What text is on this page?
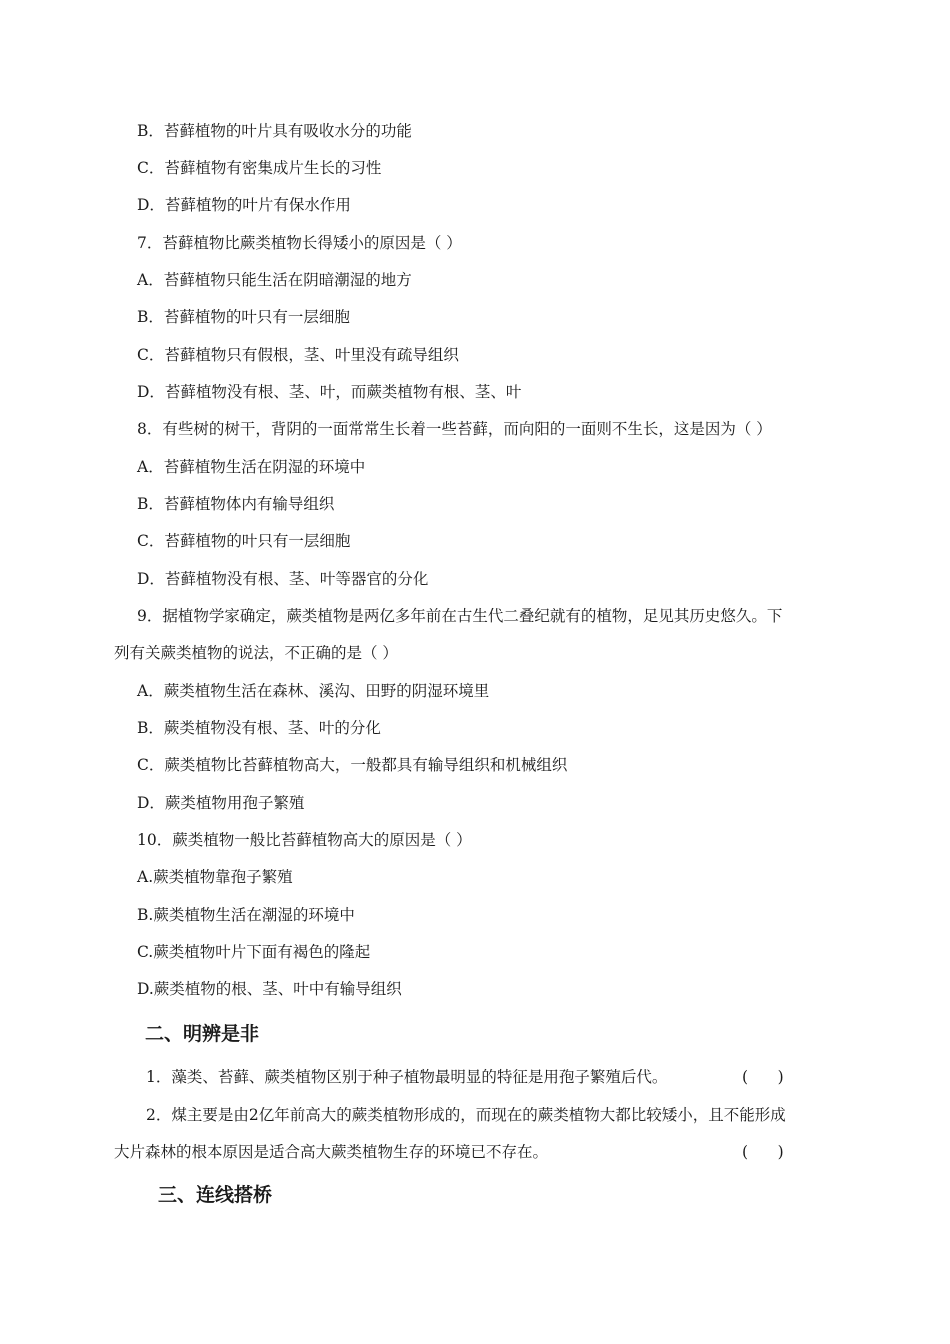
B．苔藓植物的叶片具有吸收水分的功能
C．苔藓植物有密集成片生长的习性
D．苔藓植物的叶片有保水作用
7．苔藓植物比蕨类植物长得矮小的原因是（ ）
A．苔藓植物只能生活在阴暗潮湿的地方
B．苔藓植物的叶只有一层细胞
C．苔藓植物只有假根，茎、叶里没有疏导组织
D．苔藓植物没有根、茎、叶，而蕨类植物有根、茎、叶
8．有些树的树干，背阴的一面常常生长着一些苔藓，而向阳的一面则不生长，这是因为（ ）
A．苔藓植物生活在阴湿的环境中
B．苔藓植物体内有输导组织
C．苔藓植物的叶只有一层细胞
D．苔藓植物没有根、茎、叶等器官的分化
9．据植物学家确定，蕨类植物是两亿多年前在古生代二叠纪就有的植物，足见其历史悠久。下
列有关蕨类植物的说法，不正确的是（ ）
A．蕨类植物生活在森林、溪沟、田野的阴湿环境里
B．蕨类植物没有根、茎、叶的分化
C．蕨类植物比苔藓植物高大，一般都具有输导组织和机械组织
D．蕨类植物用孢子繁殖
10．蕨类植物一般比苔藓植物高大的原因是（ ）
A.蕨类植物靠孢子繁殖
B.蕨类植物生活在潮湿的环境中
C.蕨类植物叶片下面有褐色的隆起
D.蕨类植物的根、茎、叶中有输导组织
二、明辨是非
1．藻类、苔藓、蕨类植物区别于种子植物最明显的特征是用孢子繁殖后代。	(      )
2．煤主要是由2亿年前高大的蕨类植物形成的，而现在的蕨类植物大都比较矮小，且不能形成
大片森林的根本原因是适合高大蕨类植物生存的环境已不存在。	(      )
三、连线搭桥
